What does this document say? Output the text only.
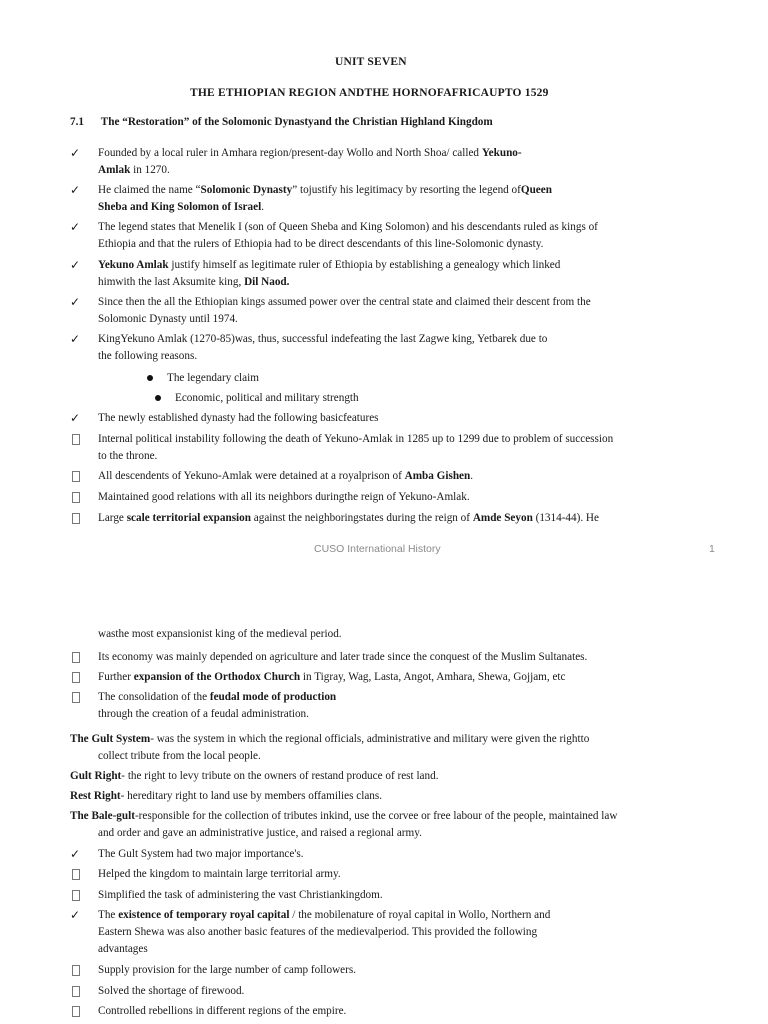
UNIT SEVEN
THE ETHIOPIAN REGION ANDTHE HORNOFAFRICAUPTO 1529
7.1 The “Restoration” of the Solomonic Dynastyand the Christian Highland Kingdom
✓	Founded by a local ruler in Amhara region/present-day Wollo and North Shoa/ called Yekuno-
Amlak in 1270.
✓	He claimed the name “Solomonic Dynasty” tojustify his legitimacy by resorting the legend ofQueen
Sheba and King Solomon of Israel.
✓	The legend states that Menelik I (son of Queen Sheba and King Solomon) and his descendants ruled as kings of
Ethiopia and that the rulers of Ethiopia had to be direct descendants of this line-Solomonic dynasty.
✓	Yekuno Amlak justify himself as legitimate ruler of Ethiopia by establishing a genealogy which linked
himwith the last Aksumite king, Dil Naod.
✓	Since then the all the Ethiopian kings assumed power over the central state and claimed their descent from the
Solomonic Dynasty until 1974.
✓	KingYekuno Amlak (1270-85)was, thus, successful indefeating the last Zagwe king, Yetbarek due to
the following reasons.
The legendary claim
Economic, political and military strength
✓	The newly established dynasty had the following basicfeatures
Internal political instability following the death of Yekuno-Amlak in 1285 up to 1299 due to problem of succession
to the throne.
All descendents of Yekuno-Amlak were detained at a royalprison of Amba Gishen.
Maintained good relations with all its neighbors duringthe reign of Yekuno-Amlak.
Large scale territorial expansion against the neighboringstates during the reign of Amde Seyon (1314-44). He
CUSO International History	1
wasthe most expansionist king of the medieval period.
Its economy was mainly depended on agriculture and later trade since the conquest of the Muslim Sultanates.
Further expansion of the Orthodox Church in Tigray, Wag, Lasta, Angot, Amhara, Shewa, Gojjam, etc
The consolidation of the feudal mode of production
through the creation of a feudal administration.
The Gult System- was the system in which the regional officials, administrative and military were given the rightto
collect tribute from the local people.
Gult Right- the right to levy tribute on the owners of restand produce of rest land.
Rest Right- hereditary right to land use by members offamilies clans.
The Bale-gult-responsible for the collection of tributes inkind, use the corvee or free labour of the people, maintained law
and order and gave an administrative justice, and raised a regional army.
✓	The Gult System had two major importance's.
Helped the kingdom to maintain large territorial army.
Simplified the task of administering the vast Christiankingdom.
✓	The existence of temporary royal capital / the mobilenature of royal capital in Wollo, Northern and
Eastern Shewa was also another basic features of the medievalperiod. This provided the following
advantages
Supply provision for the large number of camp followers.
Solved the shortage of firewood.
Controlled rebellions in different regions of the empire.
